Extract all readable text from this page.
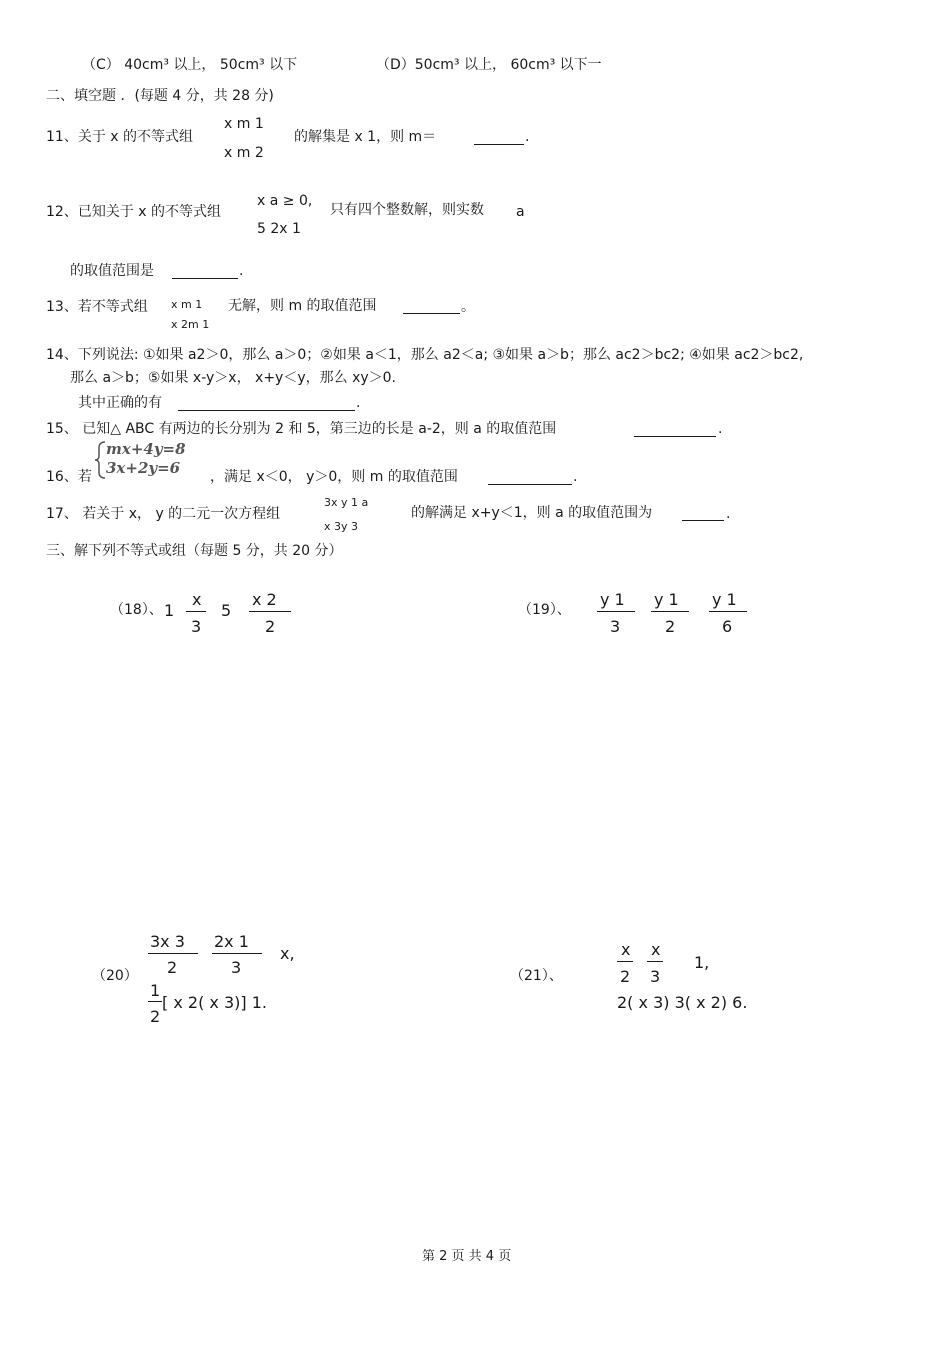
（C） 40cm³ 以上， 50cm³ 以下	（D）50cm³ 以上， 60cm³ 以下一
二、填空题 ．(每题 4 分，共 28 分)
11、关于 x 的不等式组
x m 1
x m 2
的解集是 x 1，则 m＝	.
12、已知关于 x 的不等式组
x a ≥ 0,
5 2x 1
只有四个整数解，则实数 a
的取值范围是	.
13、若不等式组 x m 1
x 2m 1
无解，则 m 的取值范围	。
14、下列说法: ①如果 a2＞0，那么 a＞0；②如果 a＜1，那么 a2＜a; ③如果 a＞b；那么 ac2＞bc2; ④如果 ac2＞bc2,
那么 a＞b；⑤如果 x-y＞x， x+y＜y，那么 xy＞0.
其中正确的有	.
15、 已知△ ABC 有两边的长分别为 2 和 5，第三边的长是 a-2，则 a 的取值范围	.
16、若
mx+4y=8
3x+2y=6 ，满足 x＜0， y＞0，则 m 的取值范围	.
17、 若关于 x， y 的二元一次方程组
3x y 1 a
x 3y 3
的解满足 x+y＜1，则 a 的取值范围为	.
三、解下列不等式或组（每题 5 分，共 20 分）
（18）、 1
x
3
5
x 2
2
（19）、
y 1
3
y 1
2
y 1
6
（20）
3x 3
2
2x 1
3
x,
1
2
[ x 2( x 3)] 1.
（21）、
x
2
x
3
1,
2( x 3) 3( x 2) 6.
第 2 页 共 4 页
